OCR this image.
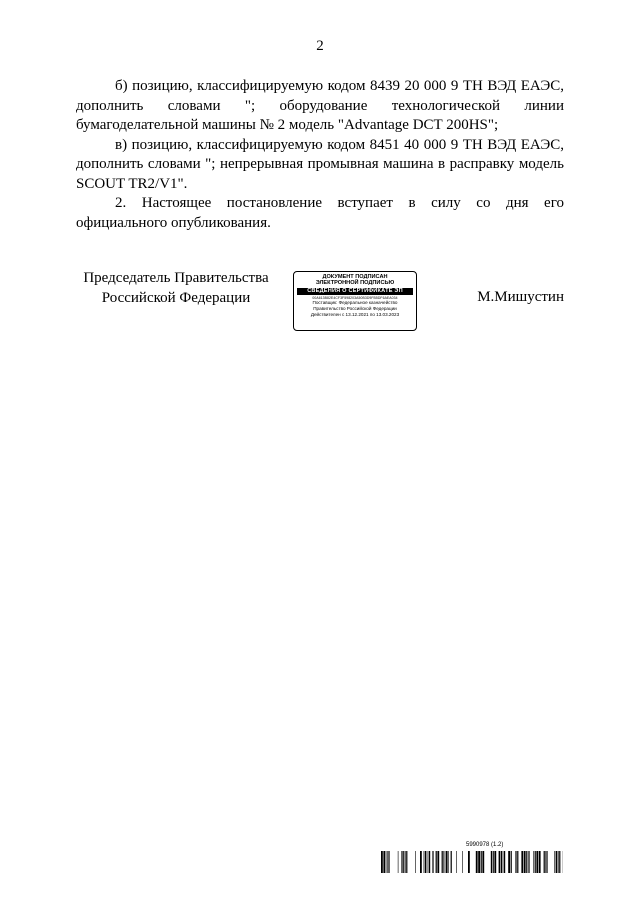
2

б) позицию, классифицируемую кодом 8439 20 000 9 ТН ВЭД ЕАЭС, дополнить словами "; оборудование технологической линии бумагоделательной машины № 2 модель "Advantage DCT 200HS";

в) позицию, классифицируемую кодом 8451 40 000 9 ТН ВЭД ЕАЭС, дополнить словами "; непрерывная промывная машина в расправку модель SCOUT TR2/V1".

2. Настоящее постановление вступает в силу со дня его официального опубликования.

Председатель Правительства
Российской Федерации
ДОКУМЕНТ ПОДПИСАН
ЭЛЕКТРОННОЙ ПОДПИСЬЮ
СВЕДЕНИЯ О СЕРТИФИКАТЕ ЭП
00A613B82E4CF3F598203A50B3D9FB5DF6AEA034
Поставщик: Федеральное казначейство
Правительство Российской Федерации
Действителен с 13.12.2021 по 13.03.2023
М.Мишустин
5990978 (1.2)
